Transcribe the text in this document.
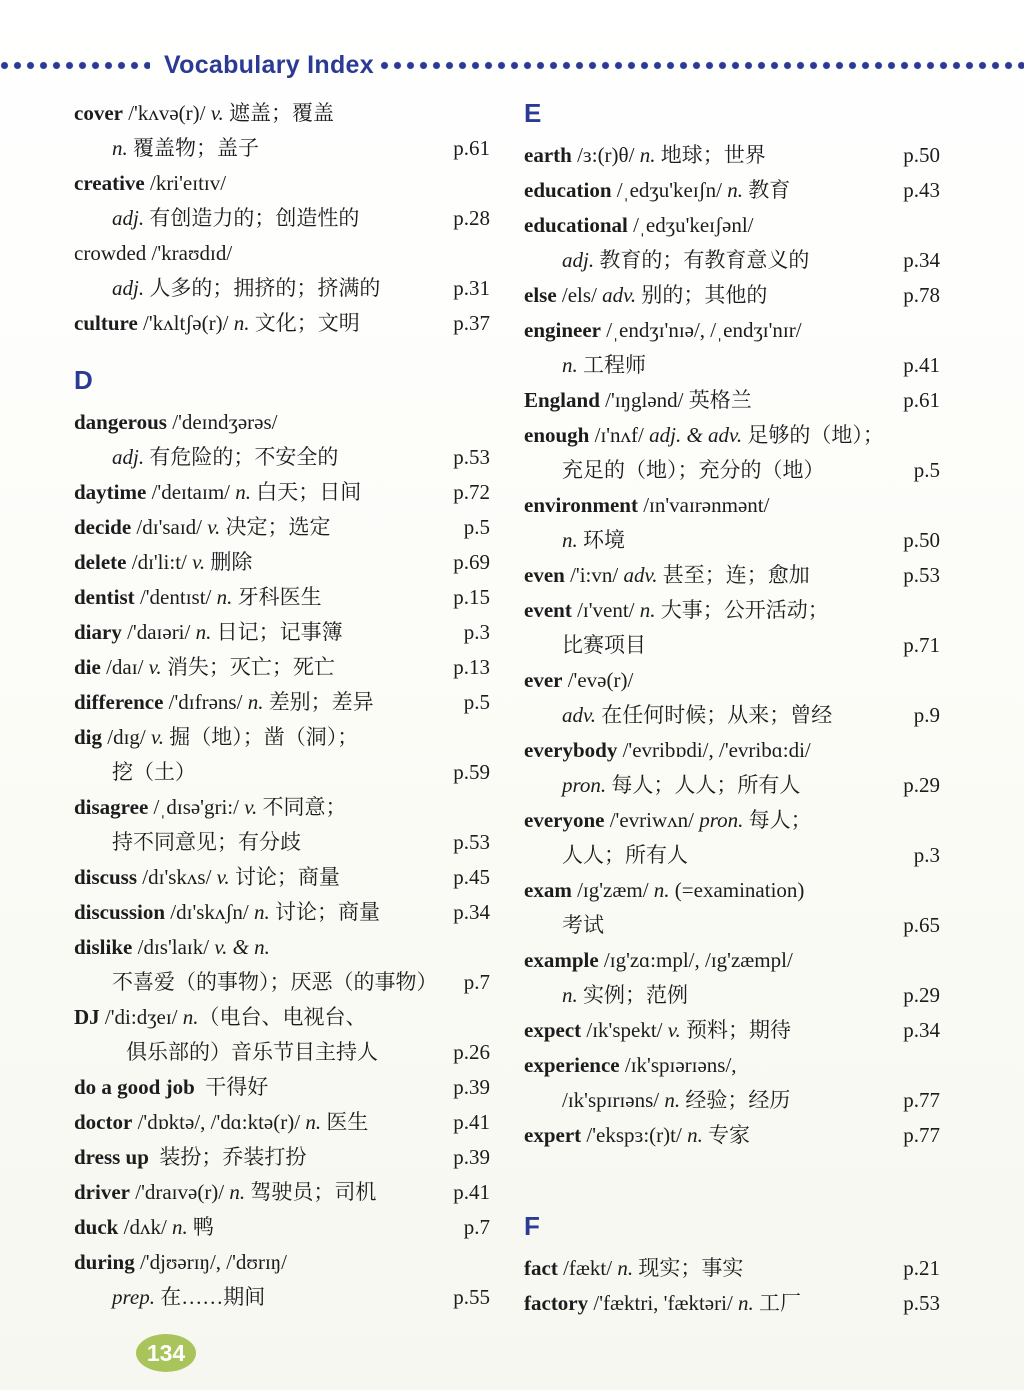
Vocabulary Index
cover /'kʌvə(r)/ v. 遮盖；覆盖
n. 覆盖物；盖子	p.61
creative /kri'eɪtɪv/
adj. 有创造力的；创造性的	p.28
crowded /'kraʊdɪd/
adj. 人多的；拥挤的；挤满的	p.31
culture /'kʌltʃə(r)/ n. 文化；文明	p.37
D
dangerous /'deɪndʒərəs/
adj. 有危险的；不安全的	p.53
daytime /'deɪtaɪm/ n. 白天；日间	p.72
decide /dɪ'saɪd/ v. 决定；选定	p.5
delete /dɪ'li:t/ v. 删除	p.69
dentist /'dentɪst/ n. 牙科医生	p.15
diary /'daɪəri/ n. 日记；记事簿	p.3
die /daɪ/ v. 消失；灭亡；死亡	p.13
difference /'dɪfrəns/ n. 差别；差异	p.5
dig /dɪg/ v. 掘（地）；凿（洞）；
挖（土）	p.59
disagree /ˌdɪsə'gri:/ v. 不同意；
持不同意见；有分歧	p.53
discuss /dɪ'skʌs/ v. 讨论；商量	p.45
discussion /dɪ'skʌʃn/ n. 讨论；商量	p.34
dislike /dɪs'laɪk/ v. & n.
不喜爱（的事物）；厌恶（的事物）	p.7
DJ /'di:dʒeɪ/ n. （电台、电视台、
俱乐部的）音乐节目主持人	p.26
do a good job 干得好	p.39
doctor /'dɒktə/, /'dɑ:ktə(r)/ n. 医生	p.41
dress up 装扮；乔装打扮	p.39
driver /'draɪvə(r)/ n. 驾驶员；司机	p.41
duck /dʌk/ n. 鸭	p.7
during /'djʊərɪŋ/, /'dʊrɪŋ/
prep. 在……期间	p.55
E
earth /ɜ:(r)θ/ n. 地球；世界	p.50
education /ˌedʒu'keɪʃn/ n. 教育	p.43
educational /ˌedʒu'keɪʃənl/
adj. 教育的；有教育意义的	p.34
else /els/ adv. 别的；其他的	p.78
engineer /ˌendʒɪ'nɪə/, /ˌendʒɪ'nɪr/
n. 工程师	p.41
England /'ɪŋglənd/ 英格兰	p.61
enough /ɪ'nʌf/ adj. & adv. 足够的（地）；
充足的（地）；充分的（地）	p.5
environment /ɪn'vaɪrənmənt/
n. 环境	p.50
even /'i:vn/ adv. 甚至；连；愈加	p.53
event /ɪ'vent/ n. 大事；公开活动；
比赛项目	p.71
ever /'evə(r)/
adv. 在任何时候；从来；曾经	p.9
everybody /'evribɒdi/, /'evribɑ:di/
pron. 每人；人人；所有人	p.29
everyone /'evriwʌn/ pron. 每人；
人人；所有人	p.3
exam /ɪg'zæm/ n. (=examination)
考试	p.65
example /ɪg'zɑ:mpl/, /ɪg'zæmpl/
n. 实例；范例	p.29
expect /ɪk'spekt/ v. 预料；期待	p.34
experience /ɪk'spɪərɪəns/,
/ɪk'spɪrɪəns/ n. 经验；经历	p.77
expert /'ekspɜ:(r)t/ n. 专家	p.77
F
fact /fækt/ n. 现实；事实	p.21
factory /'fæktri, 'fæktəri/ n. 工厂	p.53
134
